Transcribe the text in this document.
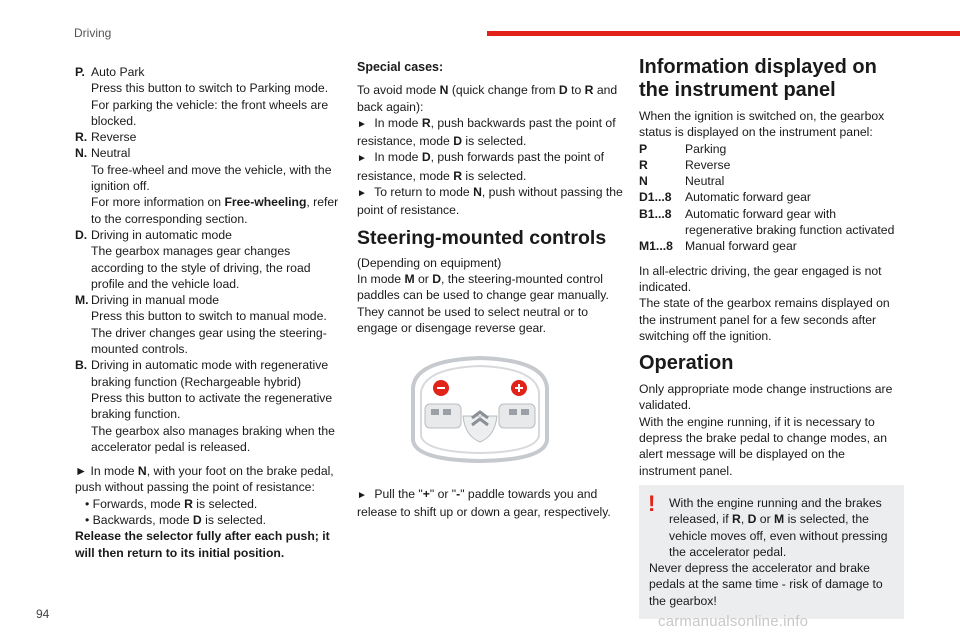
Driving
P. Auto Park
Press this button to switch to Parking mode.
For parking the vehicle: the front wheels are blocked.
R. Reverse
N. Neutral
To free-wheel and move the vehicle, with the ignition off.
For more information on Free-wheeling, refer to the corresponding section.
D. Driving in automatic mode
The gearbox manages gear changes according to the style of driving, the road profile and the vehicle load.
M. Driving in manual mode
Press this button to switch to manual mode.
The driver changes gear using the steering-mounted controls.
B. Driving in automatic mode with regenerative braking function (Rechargeable hybrid)
Press this button to activate the regenerative braking function.
The gearbox also manages braking when the accelerator pedal is released.

► In mode N, with your foot on the brake pedal, push without passing the point of resistance:

• Forwards, mode R is selected.
• Backwards, mode D is selected.

Release the selector fully after each push; it will then return to its initial position.

Special cases:

To avoid mode N (quick change from D to R and back again):

► In mode R, push backwards past the point of resistance, mode D is selected.

► In mode D, push forwards past the point of resistance, mode R is selected.

► To return to mode N, push without passing the point of resistance.

Steering-mounted controls

(Depending on equipment)

In mode M or D, the steering-mounted control paddles can be used to change gear manually.

They cannot be used to select neutral or to engage or disengage reverse gear.

► Pull the "+" or "-" paddle towards you and release to shift up or down a gear, respectively.

Information displayed on the instrument panel

When the ignition is switched on, the gearbox status is displayed on the instrument panel:

P	Parking
R	Reverse
N	Neutral
D1...8	Automatic forward gear
B1...8	Automatic forward gear with regenerative braking function activated
M1...8 Manual forward gear

In all-electric driving, the gear engaged is not indicated.

The state of the gearbox remains displayed on the instrument panel for a few seconds after switching off the ignition.

Operation

Only appropriate mode change instructions are validated.

With the engine running, if it is necessary to depress the brake pedal to change modes, an alert message will be displayed on the instrument panel.

!	With the engine running and the brakes released, if R, D or M is selected, the vehicle moves off, even without pressing the accelerator pedal.

Never depress the accelerator and brake pedals at the same time - risk of damage to the gearbox!

94	carmanualsonline.info
